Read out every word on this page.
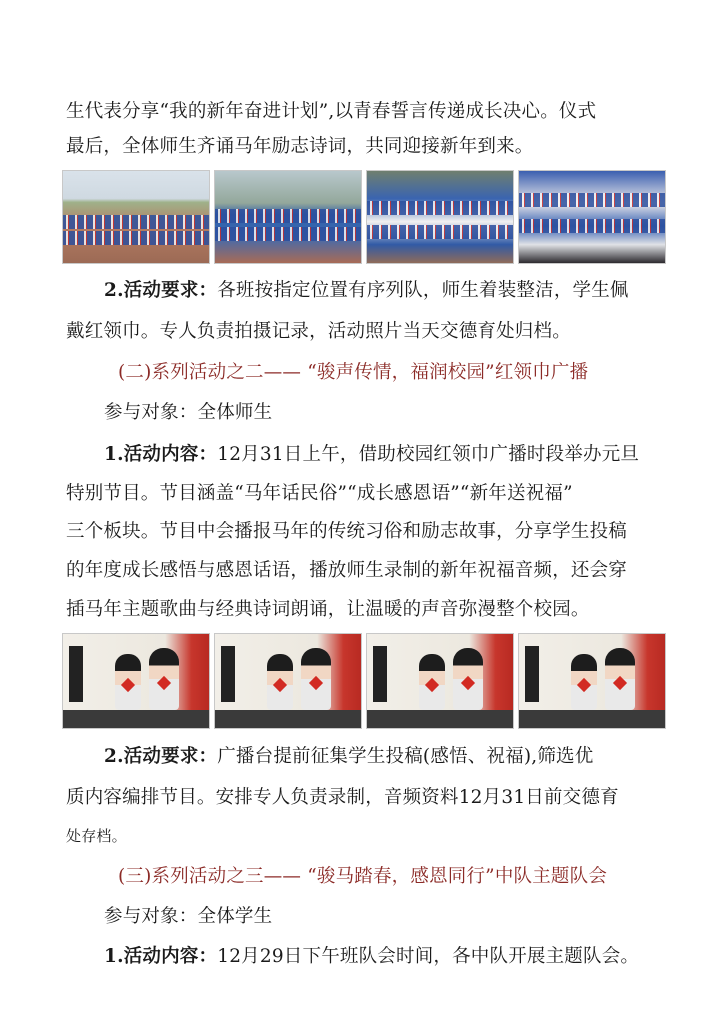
生代表分享“我的新年奋进计划”,以青春誓言传递成长决心。仪式
最后，全体师生齐诵马年励志诗词，共同迎接新年到来。
2.活动要求：各班按指定位置有序列队，师生着装整洁，学生佩
戴红领巾。专人负责拍摄记录，活动照片当天交德育处归档。
(二)系列活动之二—— “骏声传情，福润校园”红领巾广播
参与对象：全体师生
1.活动内容：12月31日上午，借助校园红领巾广播时段举办元旦
特别节目。节目涵盖“马年话民俗”“成长感恩语”“新年送祝福”
三个板块。节目中会播报马年的传统习俗和励志故事，分享学生投稿
的年度成长感悟与感恩话语，播放师生录制的新年祝福音频，还会穿
插马年主题歌曲与经典诗词朗诵，让温暖的声音弥漫整个校园。
2.活动要求：广播台提前征集学生投稿(感悟、祝福),筛选优
质内容编排节目。安排专人负责录制，音频资料12月31日前交德育
处存档。
(三)系列活动之三—— “骏马踏春，感恩同行”中队主题队会
参与对象：全体学生
1.活动内容：12月29日下午班队会时间，各中队开展主题队会。
